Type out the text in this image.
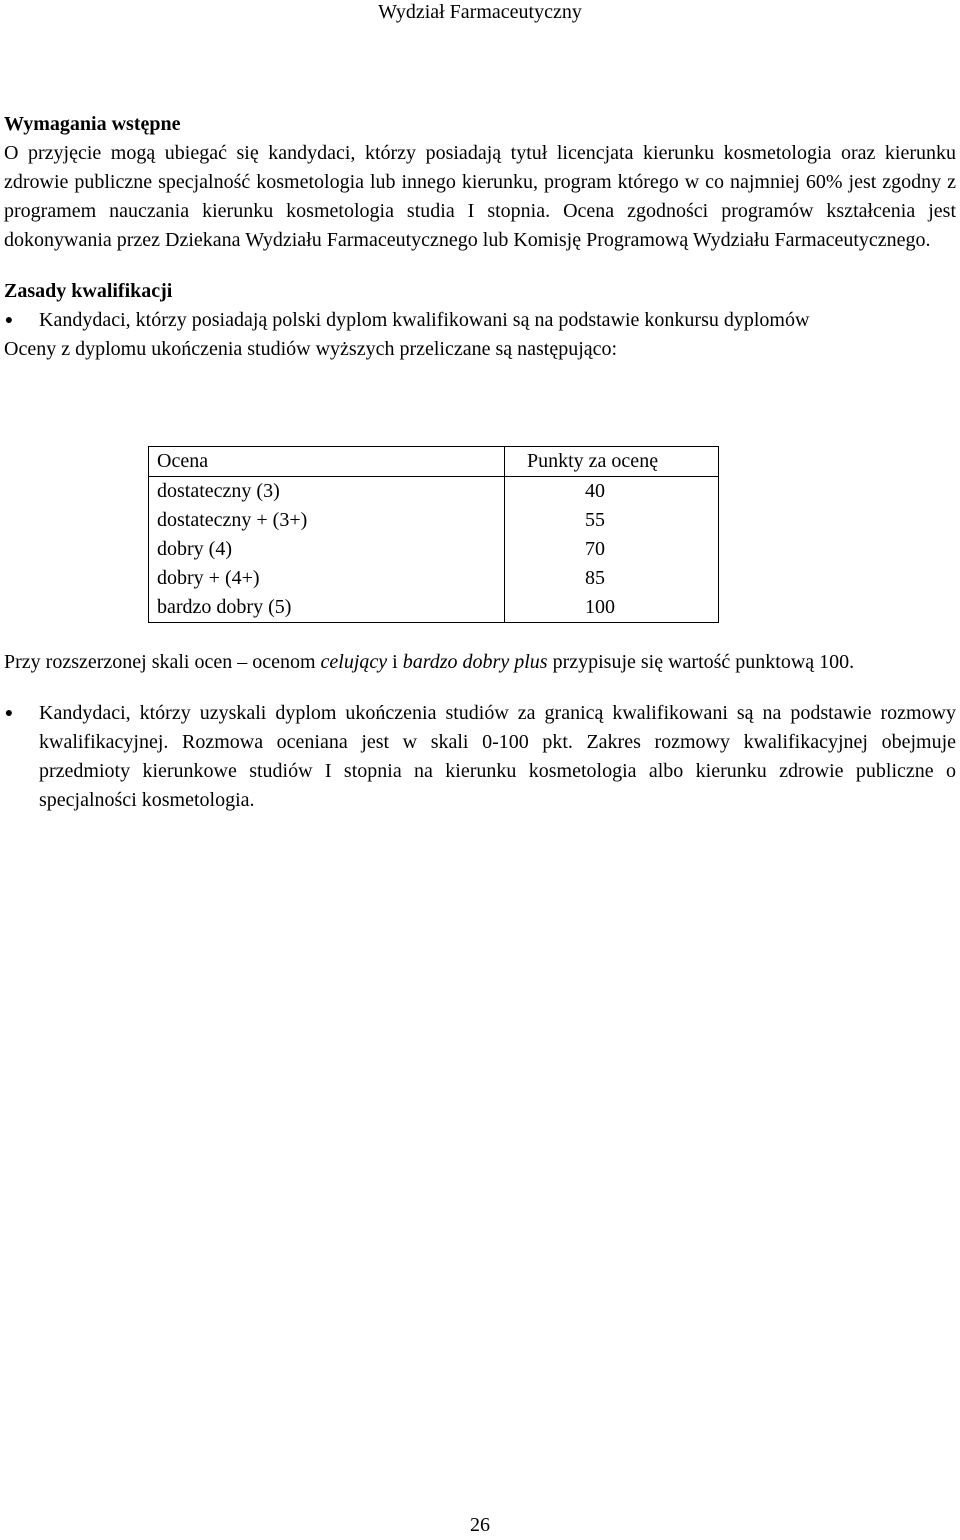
Wydział Farmaceutyczny
Wymagania wstępne

O przyjęcie mogą ubiegać się kandydaci, którzy posiadają tytuł licencjata kierunku kosmetologia oraz kierunku zdrowie publiczne specjalność kosmetologia lub innego kierunku, program którego w co najmniej 60% jest zgodny z programem nauczania kierunku kosmetologia studia I stopnia. Ocena zgodności programów kształcenia jest dokonywania przez Dziekana Wydziału Farmaceutycznego lub Komisję Programową Wydziału Farmaceutycznego.

Zasady kwalifikacji
● Kandydaci, którzy posiadają polski dyplom kwalifikowani są na podstawie konkursu dyplomów

Oceny z dyplomu ukończenia studiów wyższych przeliczane są następująco:

Ocena	Punkty za ocenę
dostateczny (3)	40
dostateczny + (3+)	55
dobry (4)	70
dobry + (4+)	85
bardzo dobry (5)	100

Przy rozszerzonej skali ocen – ocenom celujący i bardzo dobry plus przypisuje się wartość punktową 100.

● Kandydaci, którzy uzyskali dyplom ukończenia studiów za granicą kwalifikowani są na podstawie rozmowy kwalifikacyjnej. Rozmowa oceniana jest w skali 0-100 pkt. Zakres rozmowy kwalifikacyjnej obejmuje przedmioty kierunkowe studiów I stopnia na kierunku kosmetologia albo kierunku zdrowie publiczne o specjalności kosmetologia.
26
